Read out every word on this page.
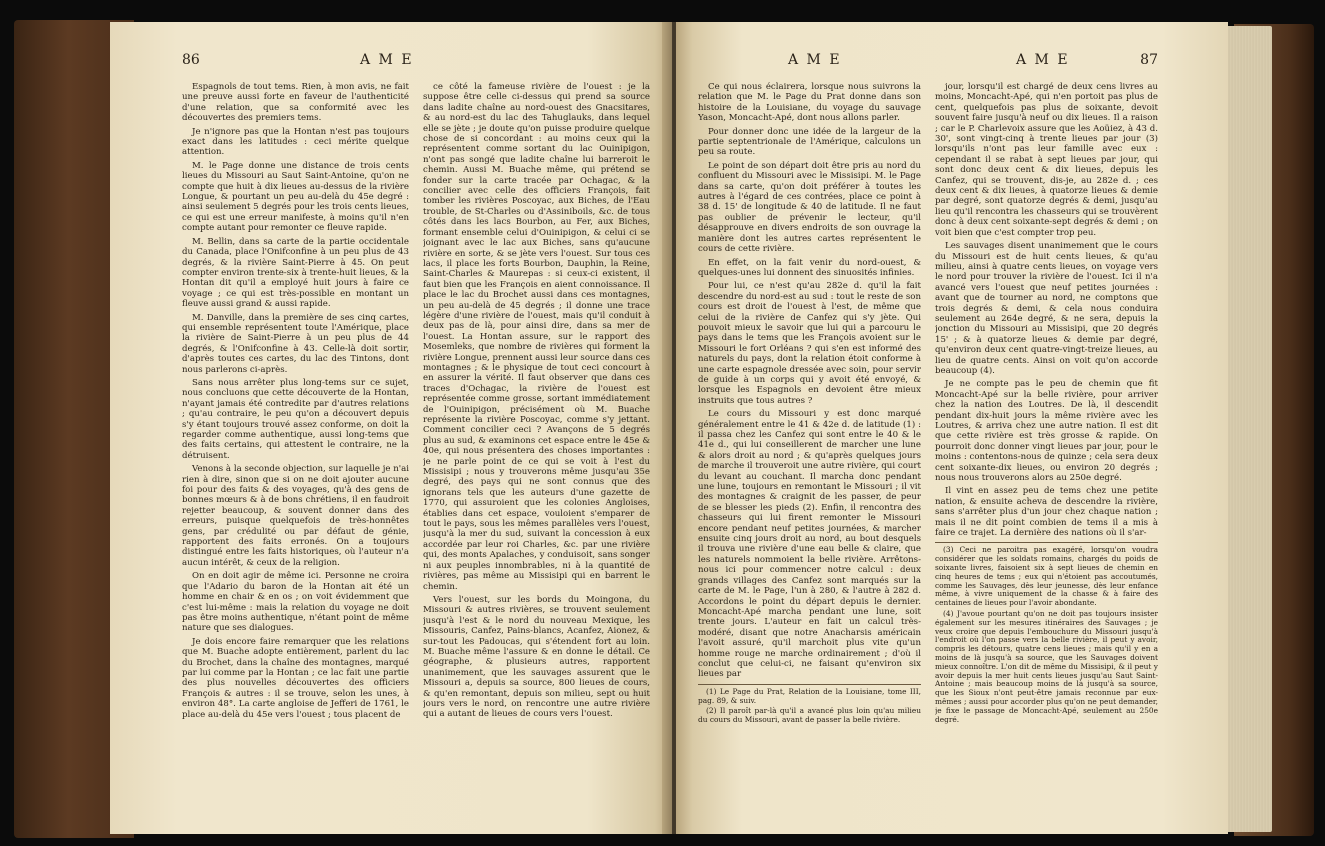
86	A M E

Espagnols de tout tems. Rien, à mon avis, ne fait une preuve aussi forte en faveur de l'authenticité d'une relation, que sa conformité avec les découvertes des premiers tems.

Je n'ignore pas que la Hontan n'est pas toujours exact dans les latitudes : ceci mérite quelque attention.

M. le Page donne une distance de trois cents lieues du Missouri au Saut Saint-Antoine, qu'on ne compte que huit à dix lieues au-dessus de la rivière Longue, & pourtant un peu au-delà du 45e degré : ainsi seulement 5 degrés pour les trois cents lieues, ce qui est une erreur manifeste, à moins qu'il n'en compte autant pour remonter ce fleuve rapide.

M. Bellin, dans sa carte de la partie occidentale du Canada, place l'Onifconfine à un peu plus de 43 degrés, & la rivière Saint-Pierre à 45. On peut compter environ trente-six à trente-huit lieues, & la Hontan dit qu'il a employé huit jours à faire ce voyage ; ce qui est très-possible en montant un fleuve aussi grand & aussi rapide.

M. Danville, dans la première de ses cinq cartes, qui ensemble représentent toute l'Amérique, place la rivière de Saint-Pierre à un peu plus de 44 degrés, & l'Onifconfine à 43. Celle-là doit sortir, d'après toutes ces cartes, du lac des Tintons, dont nous parlerons ci-après.

Sans nous arrêter plus long-tems sur ce sujet, nous concluons que cette découverte de la Hontan, n'ayant jamais été contredite par d'autres relations ; qu'au contraire, le peu qu'on a découvert depuis s'y étant toujours trouvé assez conforme, on doit la regarder comme authentique, aussi long-tems que des faits certains, qui attestent le contraire, ne la détruisent.

Venons à la seconde objection, sur laquelle je n'ai rien à dire, sinon que si on ne doit ajouter aucune foi pour des faits & des voyages, qu'à des gens de bonnes mœurs & à de bons chrétiens, il en faudroit rejetter beaucoup, & souvent donner dans des erreurs, puisque quelquefois de très-honnêtes gens, par crédulité ou par défaut de génie, rapportent des faits erronés. On a toujours distingué entre les faits historiques, où l'auteur n'a aucun intérêt, & ceux de la religion.

On en doit agir de même ici. Personne ne croira que l'Adario du baron de la Hontan ait été un homme en chair & en os ; on voit évidemment que c'est lui-même : mais la relation du voyage ne doit pas être moins authentique, n'étant point de même nature que ses dialogues.

Je dois encore faire remarquer que les relations que M. Buache adopte entièrement, parlent du lac du Brochet, dans la chaîne des montagnes, marqué par lui comme par la Hontan ; ce lac fait une partie des plus nouvelles découvertes des officiers François & autres : il se trouve, selon les unes, à environ 48°. La carte angloise de Jefferi de 1761, le place au-delà du 45e vers l'ouest ; tous placent de

ce côté la fameuse rivière de l'ouest : je la suppose être celle ci-dessus qui prend sa source dans ladite chaîne au nord-ouest des Gnacsitares, & au nord-est du lac des Tahuglauks, dans lequel elle se jète ; je doute qu'on puisse produire quelque chose de si concordant : au moins ceux qui la représentent comme sortant du lac Ouinipigon, n'ont pas songé que ladite chaîne lui barreroit le chemin. Aussi M. Buache même, qui prétend se fonder sur la carte tracée par Ochagac, & la concilier avec celle des officiers François, fait tomber les rivières Poscoyac, aux Biches, de l'Eau trouble, de St-Charles ou d'Assiniboils, &c. de tous côtés dans les lacs Bourbon, au Fer, aux Biches, formant ensemble celui d'Ouinipigon, & celui ci se joignant avec le lac aux Biches, sans qu'aucune rivière en sorte, & se jète vers l'ouest. Sur tous ces lacs, il place les forts Bourbon, Dauphin, la Reine, Saint-Charles & Maurepas : si ceux-ci existent, il faut bien que les François en aient connoissance. Il place le lac du Brochet aussi dans ces montagnes, un peu au-delà de 45 degrés ; il donne une trace légère d'une rivière de l'ouest, mais qu'il conduit à deux pas de là, pour ainsi dire, dans sa mer de l'ouest. La Hontan assure, sur le rapport des Mosemleks, que nombre de rivières qui forment la rivière Longue, prennent aussi leur source dans ces montagnes ; & le physique de tout ceci concourt à en assurer la vérité. Il faut observer que dans ces traces d'Ochagac, la rivière de l'ouest est représentée comme grosse, sortant immédiatement de l'Ouinipigon, précisément où M. Buache représente la rivière Poscoyac, comme s'y jettant. Comment concilier ceci ? Avançons de 5 degrés plus au sud, & examinons cet espace entre le 45e & 40e, qui nous présentera des choses importantes : je ne parle point de ce qui se voit à l'est du Missisipi ; nous y trouverons même jusqu'au 35e degré, des pays qui ne sont connus que des ignorans tels que les auteurs d'une gazette de 1770, qui assuroient que les colonies Angloises, établies dans cet espace, vouloient s'emparer de tout le pays, sous les mêmes parallèles vers l'ouest, jusqu'à la mer du sud, suivant la concession à eux accordée par leur roi Charles, &c. par une rivière qui, des monts Apalaches, y conduisoit, sans songer ni aux peuples innombrables, ni à la quantité de rivières, pas même au Missisipi qui en barrent le chemin.

Vers l'ouest, sur les bords du Moingona, du Missouri & autres rivières, se trouvent seulement jusqu'à l'est & le nord du nouveau Mexique, les Missouris, Canfez, Pains-blancs, Acanfez, Aionez, & sur-tout les Padoucas, qui s'étendent fort au loin. M. Buache même l'assure & en donne le détail. Ce géographe, & plusieurs autres, rapportent unanimement, que les sauvages assurent que le Missouri a, depuis sa source, 800 lieues de cours, & qu'en remontant, depuis son milieu, sept ou huit jours vers le nord, on rencontre une autre rivière qui a autant de lieues de cours vers l'ouest.

A M E	A M E	87

Ce qui nous éclairera, lorsque nous suivrons la relation que M. le Page du Prat donne dans son histoire de la Louisiane, du voyage du sauvage Yason, Moncacht-Apé, dont nous allons parler.

Pour donner donc une idée de la largeur de la partie septentrionale de l'Amérique, calculons un peu sa route.

Le point de son départ doit être pris au nord du confluent du Missouri avec le Missisipi. M. le Page dans sa carte, qu'on doit préférer à toutes les autres à l'égard de ces contrées, place ce point à 38 d. 15' de longitude & 40 de latitude. Il ne faut pas oublier de prévenir le lecteur, qu'il désapprouve en divers endroits de son ouvrage la manière dont les autres cartes représentent le cours de cette rivière.

En effet, on la fait venir du nord-ouest, & quelques-unes lui donnent des sinuosités infinies.

Pour lui, ce n'est qu'au 282e d. qu'il la fait descendre du nord-est au sud : tout le reste de son cours est droit de l'ouest à l'est, de même que celui de la rivière de Canfez qui s'y jète. Qui pouvoit mieux le savoir que lui qui a parcouru le pays dans le tems que les François avoient sur le Missouri le fort Orléans ? qui s'en est informé des naturels du pays, dont la relation étoit conforme à une carte espagnole dressée avec soin, pour servir de guide à un corps qui y avoit été envoyé, & lorsque les Espagnols en devoient être mieux instruits que tous autres ?

Le cours du Missouri y est donc marqué généralement entre le 41 & 42e d. de latitude (1) : il passa chez les Canfez qui sont entre le 40 & le 41e d., qui lui conseillerent de marcher une lune & alors droit au nord ; & qu'après quelques jours de marche il trouveroit une autre rivière, qui court du levant au couchant. Il marcha donc pendant une lune, toujours en remontant le Missouri ; il vit des montagnes & craignit de les passer, de peur de se blesser les pieds (2). Enfin, il rencontra des chasseurs qui lui firent remonter le Missouri encore pendant neuf petites journées, & marcher ensuite cinq jours droit au nord, au bout desquels il trouva une rivière d'une eau belle & claire, que les naturels nommoient la belle rivière. Arrêtons-nous ici pour commencer notre calcul : deux grands villages des Canfez sont marqués sur la carte de M. le Page, l'un à 280, & l'autre à 282 d. Accordons le point du départ depuis le dernier. Moncacht-Apé marcha pendant une lune, soit trente jours. L'auteur en fait un calcul très-modéré, disant que notre Anacharsis américain l'avoit assuré, qu'il marchoit plus vite qu'un homme rouge ne marche ordinairement ; d'où il conclut que celui-ci, ne faisant qu'environ six lieues par

(1) Le Page du Prat, Relation de la Louisiane, tome III, pag. 89, & suiv.

(2) Il paroît par-là qu'il a avancé plus loin qu'au milieu du cours du Missouri, avant de passer la belle rivière.

jour, lorsqu'il est chargé de deux cens livres au moins, Moncacht-Apé, qui n'en portoit pas plus de cent, quelquefois pas plus de soixante, devoit souvent faire jusqu'à neuf ou dix lieues. Il a raison ; car le P. Charlevoix assure que les Aoüiez, à 43 d. 30', sont vingt-cinq à trente lieues par jour (3) lorsqu'ils n'ont pas leur famille avec eux : cependant il se rabat à sept lieues par jour, qui sont donc deux cent & dix lieues, depuis les Canfez, qui se trouvent, dis-je, au 282e d. ; ces deux cent & dix lieues, à quatorze lieues & demie par degré, sont quatorze degrés & demi, jusqu'au lieu qu'il rencontra les chasseurs qui se trouvèrent donc à deux cent soixante-sept degrés & demi ; on voit bien que c'est compter trop peu.

Les sauvages disent unanimement que le cours du Missouri est de huit cents lieues, & qu'au milieu, ainsi à quatre cents lieues, on voyage vers le nord pour trouver la rivière de l'ouest. Ici il n'a avancé vers l'ouest que neuf petites journées : avant que de tourner au nord, ne comptons que trois degrés & demi, & cela nous conduira seulement au 264e degré, & ne sera, depuis la jonction du Missouri au Missisipi, que 20 degrés 15' ; & à quatorze lieues & demie par degré, qu'environ deux cent quatre-vingt-treize lieues, au lieu de quatre cents. Ainsi on voit qu'on accorde beaucoup (4).

Je ne compte pas le peu de chemin que fit Moncacht-Apé sur la belle rivière, pour arriver chez la nation des Loutres. De là, il descendit pendant dix-huit jours la même rivière avec les Loutres, & arriva chez une autre nation. Il est dit que cette rivière est très grosse & rapide. On pourroit donc donner vingt lieues par jour, pour le moins : contentons-nous de quinze ; cela sera deux cent soixante-dix lieues, ou environ 20 degrés ; nous nous trouverons alors au 250e degré.

Il vint en assez peu de tems chez une petite nation, & ensuite acheva de descendre la rivière, sans s'arrêter plus d'un jour chez chaque nation ; mais il ne dit point combien de tems il a mis à faire ce trajet. La dernière des nations où il s'ar-

(3) Ceci ne paroitra pas exagéré, lorsqu'on voudra considérer que les soldats romains, chargés du poids de soixante livres, faisoient six à sept lieues de chemin en cinq heures de tems ; eux qui n'étoient pas accoutumés, comme les Sauvages, dès leur jeunesse, dès leur enfance même, à vivre uniquement de la chasse & à faire des centaines de lieues pour l'avoir abondante.

(4) J'avoue pourtant qu'on ne doit pas toujours insister également sur les mesures itinéraires des Sauvages ; je veux croire que depuis l'embouchure du Missouri jusqu'à l'endroit où l'on passe vers la belle rivière, il peut y avoir, compris les détours, quatre cens lieues ; mais qu'il y en a moins de là jusqu'à sa source, que les Sauvages doivent mieux connoître. L'on dit de même du Missisipi, & il peut y avoir depuis la mer huit cents lieues jusqu'au Saut Saint-Antoine ; mais beaucoup moins de là jusqu'à sa source, que les Sioux n'ont peut-être jamais reconnue par eux-mêmes ; aussi pour accorder plus qu'on ne peut demander, je fixe le passage de Moncacht-Apé, seulement au 250e degré.
